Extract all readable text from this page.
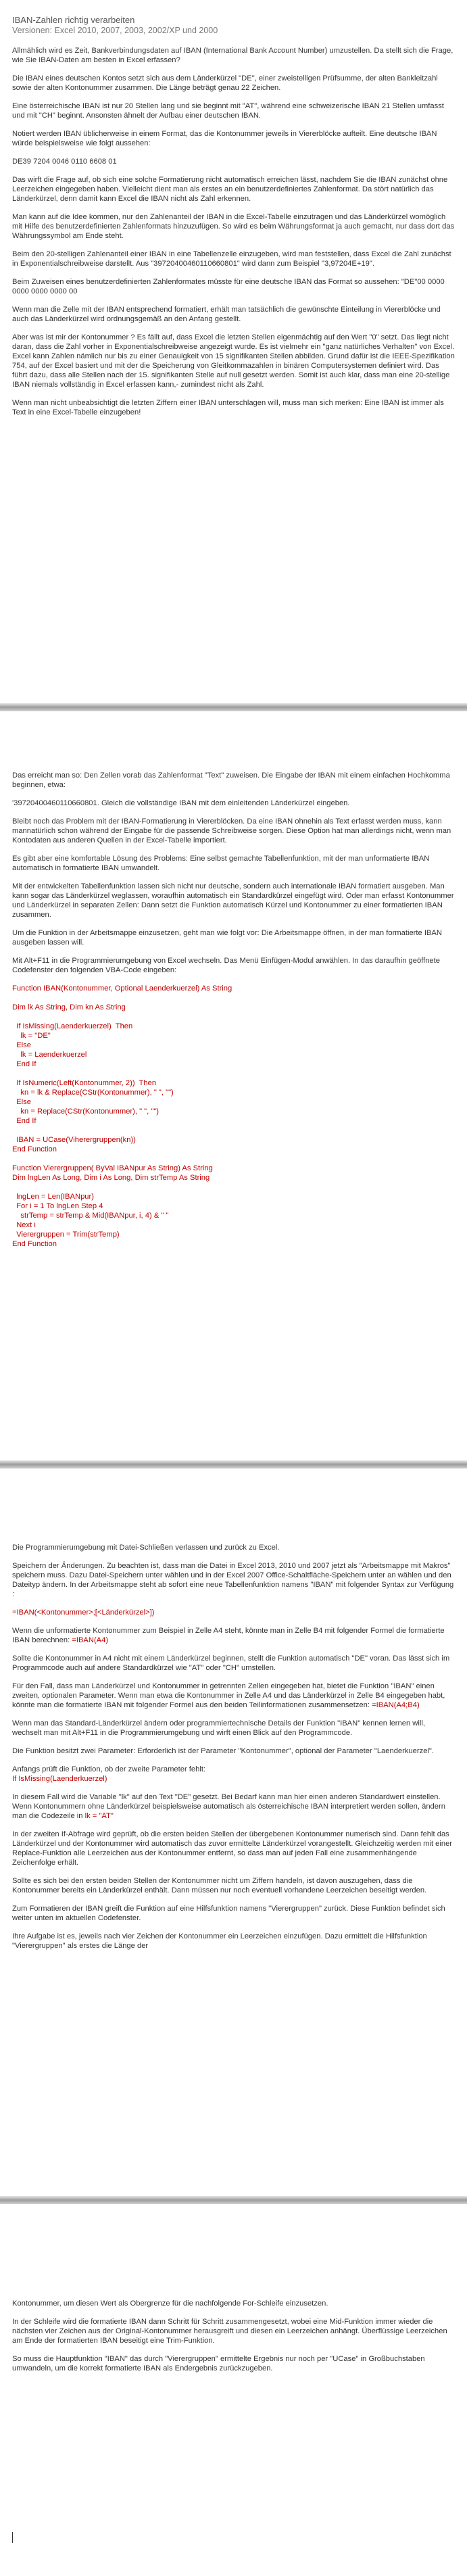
IBAN-Zahlen richtig verarbeiten
Versionen: Excel 2010, 2007, 2003, 2002/XP und 2000

Allmählich wird es Zeit, Bankverbindungsdaten auf IBAN (International Bank Account Number) umzustellen. Da stellt sich die Frage, wie Sie IBAN-Daten am besten in Excel erfassen?

Die IBAN eines deutschen Kontos setzt sich aus dem Länderkürzel "DE", einer zweistelligen Prüfsumme, der alten Bankleitzahl sowie der alten Kontonummer zusammen. Die Länge beträgt genau 22 Zeichen.

Eine österreichische IBAN ist nur 20 Stellen lang und sie beginnt mit "AT", während eine schweizerische IBAN 21 Stellen umfasst und mit "CH" beginnt. Ansonsten ähnelt der Aufbau einer deutschen IBAN.

Notiert werden IBAN üblicherweise in einem Format, das die Kontonummer jeweils in Viererblöcke aufteilt. Eine deutsche IBAN würde beispielsweise wie folgt aussehen:

DE39 7204 0046 0110 6608 01

Das wirft die Frage auf, ob sich eine solche Formatierung nicht automatisch erreichen lässt, nachdem Sie die IBAN zunächst ohne Leerzeichen eingegeben haben. Vielleicht dient man als erstes an ein benutzerdefiniertes Zahlenformat. Da stört natürlich das Länderkürzel, denn damit kann Excel die IBAN nicht als Zahl erkennen.

Man kann auf die Idee kommen, nur den Zahlenanteil der IBAN in die Excel-Tabelle einzutragen und das Länderkürzel womöglich mit Hilfe des benutzerdefinierten Zahlenformats hinzuzufügen. So wird es beim Währungsformat ja auch gemacht, nur dass dort das Währungssymbol am Ende steht.

Beim den 20-stelligen Zahlenanteil einer IBAN in eine Tabellenzelle einzugeben, wird man feststellen, dass Excel die Zahl zunächst in Exponentialschreibweise darstellt. Aus "39720400460110660801" wird dann zum Beispiel "3,97204E+19".

Beim Zuweisen eines benutzerdefinierten Zahlenformates müsste für eine deutsche IBAN das Format so aussehen: "DE"00 0000 0000 0000 0000 00

Wenn man die Zelle mit der IBAN entsprechend formatiert, erhält man tatsächlich die gewünschte Einteilung in Viererblöcke und auch das Länderkürzel wird ordnungsgemäß an den Anfang gestellt.

Aber was ist mir der Kontonummer ? Es fällt auf, dass Excel die letzten Stellen eigenmächtig auf den Wert "0" setzt. Das liegt nicht daran, dass die Zahl vorher in Exponentialschreibweise angezeigt wurde. Es ist vielmehr ein "ganz natürliches Verhalten" von Excel. Excel kann Zahlen nämlich nur bis zu einer Genauigkeit von 15 signifikanten Stellen abbilden. Grund dafür ist die IEEE-Spezifikation 754, auf der Excel basiert und mit der die Speicherung von Gleitkommazahlen in binären Computersystemen definiert wird. Das führt dazu, dass alle Stellen nach der 15. signifikanten Stelle auf null gesetzt werden. Somit ist auch klar, dass man eine 20-stellige IBAN niemals vollständig in Excel erfassen kann,- zumindest nicht als Zahl.

Wenn man nicht unbeabsichtigt die letzten Ziffern einer IBAN unterschlagen will, muss man sich merken: Eine IBAN ist immer als Text in eine Excel-Tabelle einzugeben!

Das erreicht man so: Den Zellen vorab das Zahlenformat "Text" zuweisen. Die Eingabe der IBAN mit einem einfachen Hochkomma beginnen, etwa:

'39720400460110660801. Gleich die vollständige IBAN mit dem einleitenden Länderkürzel eingeben.

Bleibt noch das Problem mit der IBAN-Formatierung in Viererblöcken. Da eine IBAN ohnehin als Text erfasst werden muss, kann mannatürlich schon während der Eingabe für die passende Schreibweise sorgen. Diese Option hat man allerdings nicht, wenn man Kontodaten aus anderen Quellen in der Excel-Tabelle importiert.

Es gibt aber eine komfortable Lösung des Problems: Eine selbst gemachte Tabellenfunktion, mit der man unformatierte IBAN automatisch in formatierte IBAN umwandelt.

Mit der entwickelten Tabellenfunktion lassen sich nicht nur deutsche, sondern auch internationale IBAN formatiert ausgeben. Man kann sogar das Länderkürzel weglassen, woraufhin automatisch ein Standardkürzel eingefügt wird. Oder man erfasst Kontonummer und Länderkürzel in separaten Zellen: Dann setzt die Funktion automatisch Kürzel und Kontonummer zu einer formatierten IBAN zusammen.

Um die Funktion in der Arbeitsmappe einzusetzen, geht man wie folgt vor: Die Arbeitsmappe öffnen, in der man formatierte IBAN ausgeben lassen will.

Mit Alt+F11 in die Programmierumgebung von Excel wechseln. Das Menü Einfügen-Modul anwählen. In das daraufhin geöffnete Codefenster den folgenden VBA-Code eingeben:

Function IBAN(Kontonummer, Optional Laenderkuerzel) As String

Dim lk As String, Dim kn As String

If IsMissing(Laenderkuerzel)  Then
lk = "DE"
Else
lk = Laenderkuerzel
End If

If IsNumeric(Left(Kontonummer, 2))  Then
kn = lk & Replace(CStr(Kontonummer), " ", "")
Else
kn = Replace(CStr(Kontonummer), " ", "")
End If

IBAN = UCase(Viherergruppen(kn))
End Function

Function Vierergruppen( ByVal IBANpur As String) As String
Dim lngLen As Long, Dim i As Long, Dim strTemp As String

lngLen = Len(IBANpur)
For i = 1 To lngLen Step 4
strTemp = strTemp & Mid(IBANpur, i, 4) & " "
Next i
Vierergruppen = Trim(strTemp)
End Function

Die Programmierumgebung mit Datei-Schließen verlassen und zurück zu Excel.

Speichern der Änderungen. Zu beachten ist, dass man die Datei in Excel 2013, 2010 und 2007 jetzt als "Arbeitsmappe mit Makros" speichern muss. Dazu Datei-Speichern unter wählen und in der Excel 2007 Office-Schaltfläche-Speichern unter an wählen und den Dateityp ändern. In der Arbeitsmappe steht ab sofort eine neue Tabellenfunktion namens "IBAN" mit folgender Syntax zur Verfügung :

=IBAN(<Kontonummer>;[<Länderkürzel>])

Wenn die unformatierte Kontonummer zum Beispiel in Zelle A4 steht, könnte man in Zelle B4 mit folgender Formel die formatierte IBAN berechnen: =IBAN(A4)

Sollte die Kontonummer in A4 nicht mit einem Länderkürzel beginnen, stellt die Funktion automatisch "DE" voran. Das lässt sich im Programmcode auch auf andere Standardkürzel wie "AT" oder "CH" umstellen.

Für den Fall, dass man Länderkürzel und Kontonummer in getrennten Zellen eingegeben hat, bietet die Funktion "IBAN" einen zweiten, optionalen Parameter. Wenn man etwa die Kontonummer in Zelle A4 und das Länderkürzel in Zelle B4 eingegeben habt, könnte man die formatierte IBAN mit folgender Formel aus den beiden Teilinformationen zusammensetzen: =IBAN(A4;B4)

Wenn man das Standard-Länderkürzel ändern oder programmiertechnische Details der Funktion "IBAN" kennen lernen will, wechselt man mit Alt+F11 in die Programmierumgebung und wirft einen Blick auf den Programmcode.

Die Funktion besitzt zwei Parameter: Erforderlich ist der Parameter "Kontonummer", optional der Parameter "Laenderkuerzel".

Anfangs prüft die Funktion, ob der zweite Parameter fehlt:

If IsMissing(Laenderkuerzel)

In diesem Fall wird die Variable "lk" auf den Text "DE" gesetzt. Bei Bedarf kann man hier einen anderen Standardwert einstellen. Wenn Kontonummern ohne Länderkürzel beispielsweise automatisch als österreichische IBAN interpretiert werden sollen, ändern man die Codezeile in lk = "AT"

In der zweiten If-Abfrage wird geprüft, ob die ersten beiden Stellen der übergebenen Kontonummer numerisch sind. Dann fehlt das Länderkürzel und der Kontonummer wird automatisch das zuvor ermittelte Länderkürzel vorangestellt. Gleichzeitig werden mit einer Replace-Funktion alle Leerzeichen aus der Kontonummer entfernt, so dass man auf jeden Fall eine zusammenhängende Zeichenfolge erhält.

Sollte es sich bei den ersten beiden Stellen der Kontonummer nicht um Ziffern handeln, ist davon auszugehen, dass die Kontonummer bereits ein Länderkürzel enthält. Dann müssen nur noch eventuell vorhandene Leerzeichen beseitigt werden.

Zum Formatieren der IBAN greift die Funktion auf eine Hilfsfunktion namens "Vierergruppen" zurück. Diese Funktion befindet sich weiter unten im aktuellen Codefenster.

Ihre Aufgabe ist es, jeweils nach vier Zeichen der Kontonummer ein Leerzeichen einzufügen. Dazu ermittelt die Hilfsfunktion "Vierergruppen" als erstes die Länge der

Kontonummer, um diesen Wert als Obergrenze für die nachfolgende For-Schleife einzusetzen.

In der Schleife wird die formatierte IBAN dann Schritt für Schritt zusammengesetzt, wobei eine Mid-Funktion immer wieder die nächsten vier Zeichen aus der Original-Kontonummer herausgreift und diesen ein Leerzeichen anhängt. Überflüssige Leerzeichen am Ende der formatierten IBAN beseitigt eine Trim-Funktion.

So muss die Hauptfunktion "IBAN" das durch "Vierergruppen" ermittelte Ergebnis nur noch per "UCase" in Großbuchstaben umwandeln, um die korrekt formatierte IBAN als Endergebnis zurückzugeben.
